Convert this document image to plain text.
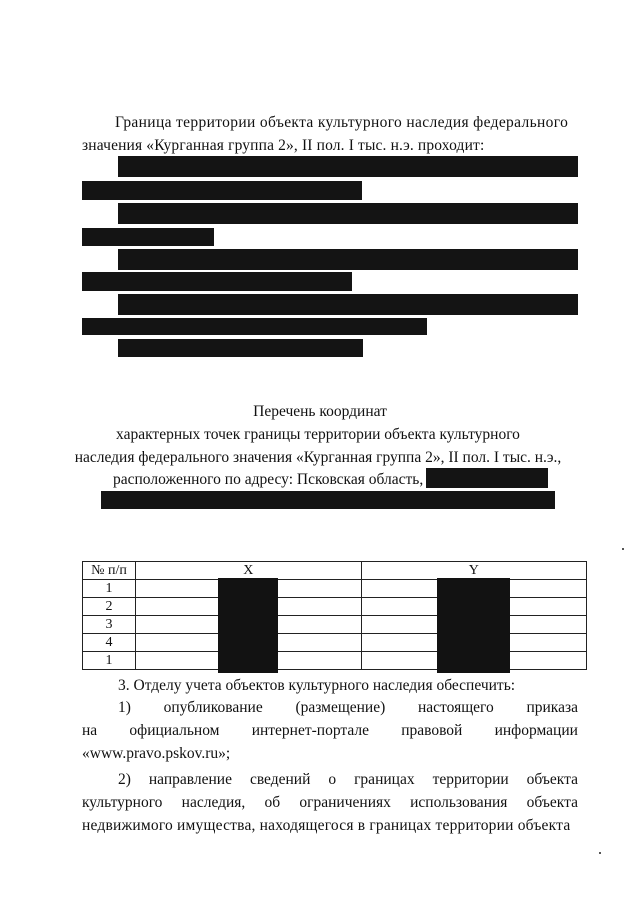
Граница территории объекта культурного наследия федерального
значения «Курганная группа 2», II пол. I тыс. н.э. проходит:
Перечень координат
характерных точек границы территории объекта культурного
наследия федерального значения «Курганная группа 2», II пол. I тыс. н.э.,
расположенного по адресу: Псковская область,
№ п/п	X	Y
1		
2		
3		
4		
1		
3. Отделу учета объектов культурного наследия обеспечить:
1) опубликование (размещение) настоящего приказа
на официальном интернет-портале правовой информации
«www.pravo.pskov.ru»;
2) направление сведений о границах территории объекта
культурного наследия, об ограничениях использования объекта
недвижимого имущества, находящегося в границах территории объекта
